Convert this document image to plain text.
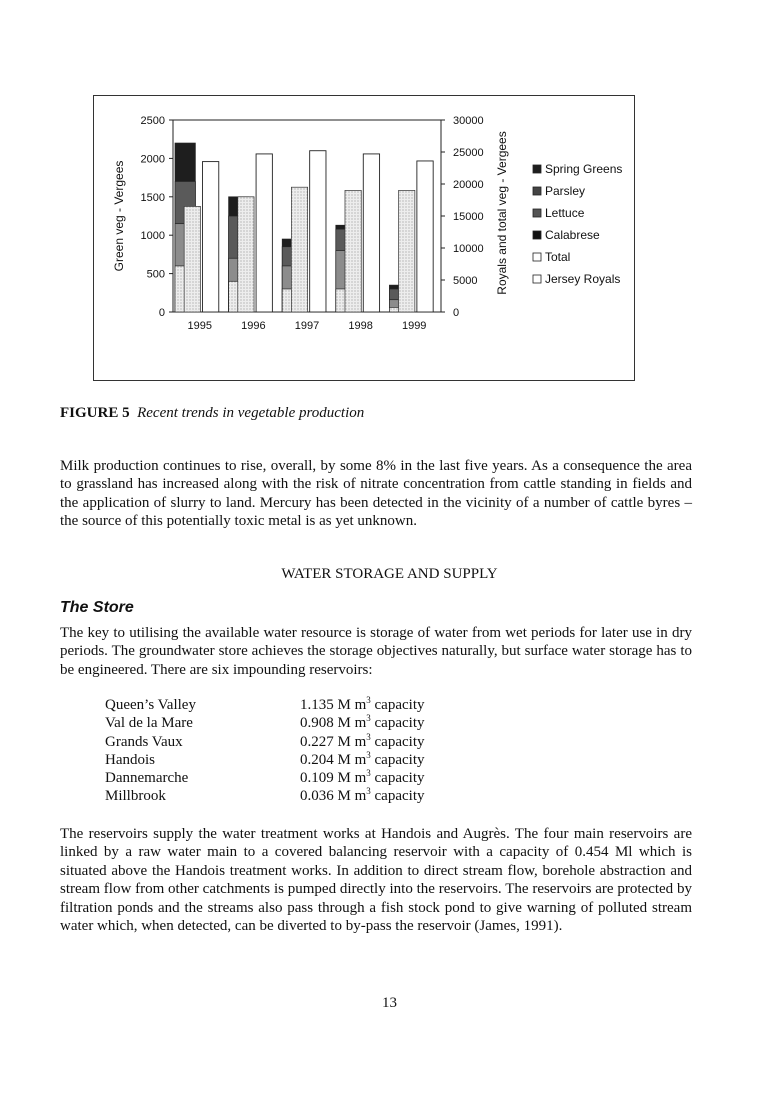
1995	1996	1997	1998	1999
2500
2000
1500
1000
500
0
30000
25000
20000
15000
10000
5000
0
Green veg - Vergees	Royals and total veg - Vergees	Spring Greens
Parsley
Lettuce
Calabrese
Total
Jersey Royals
FIGURE 5 Recent trends in vegetable production

Milk production continues to rise, overall, by some 8% in the last five years. As a consequence the area to grassland has increased along with the risk of nitrate concentration from cattle standing in fields and the application of slurry to land. Mercury has been detected in the vicinity of a number of cattle byres – the source of this potentially toxic metal is as yet unknown.

WATER STORAGE AND SUPPLY
The Store

The key to utilising the available water resource is storage of water from wet periods for later use in dry periods. The groundwater store achieves the storage objectives naturally, but surface water storage has to be engineered. There are six impounding reservoirs:

Queen’s Valley	1.135 M $m^3$ capacity
Val de la Mare	0.908 M $m^3$ capacity
Grands Vaux	0.227 M $m^3$ capacity
Handois	0.204 M $m^3$ capacity
Dannemarche	0.109 M $m^3$ capacity
Millbrook	0.036 M $m^3$ capacity

The reservoirs supply the water treatment works at Handois and Augrès. The four main reservoirs are linked by a raw water main to a covered balancing reservoir with a capacity of 0.454 Ml which is situated above the Handois treatment works. In addition to direct stream flow, borehole abstraction and stream flow from other catchments is pumped directly into the reservoirs. The reservoirs are protected by filtration ponds and the streams also pass through a fish stock pond to give warning of polluted stream water which, when detected, can be diverted to by-pass the reservoir (James, 1991).

13
